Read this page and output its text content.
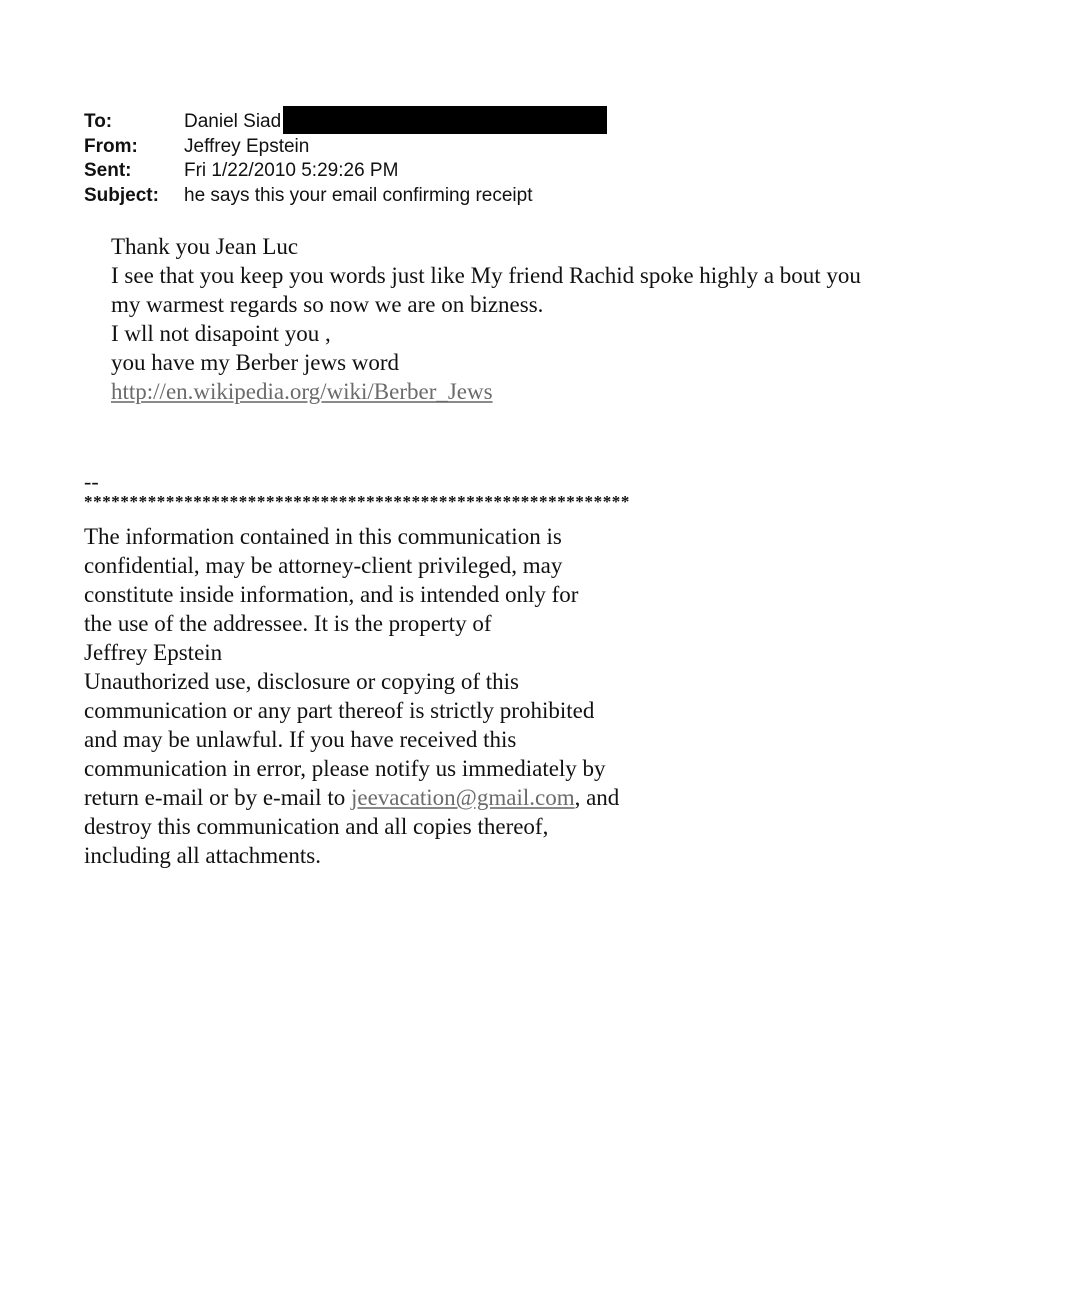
To:	Daniel Siad
From:	Jeffrey Epstein
Sent:	Fri 1/22/2010 5:29:26 PM
Subject:	he says this your email confirming receipt
Thank you Jean Luc
I see that you keep you words just like My friend Rachid spoke highly a bout you
my warmest regards so now we are on bizness.
I wll not disapoint you ,
you have my Berber jews word
http://en.wikipedia.org/wiki/Berber_Jews
--
************************************************************
The information contained in this communication is
confidential, may be attorney-client privileged, may
constitute inside information, and is intended only for
the use of the addressee. It is the property of
Jeffrey Epstein
Unauthorized use, disclosure or copying of this
communication or any part thereof is strictly prohibited
and may be unlawful. If you have received this
communication in error, please notify us immediately by
return e-mail or by e-mail to jeevacation@gmail.com, and
destroy this communication and all copies thereof,
including all attachments.
